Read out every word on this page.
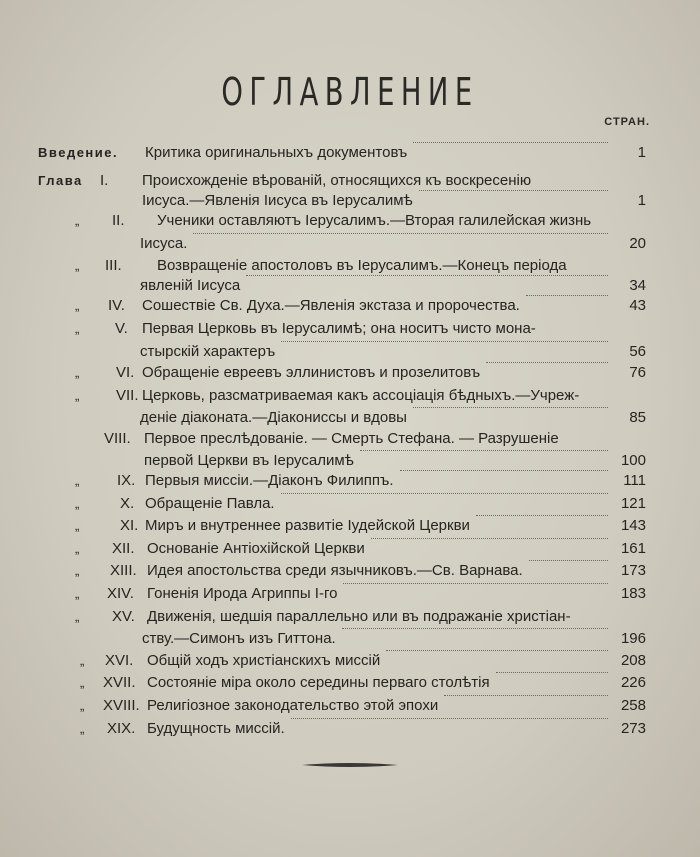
ОГЛАВЛЕНИЕ
СТРАН.
Введение. Критика оригинальныхъ документовъ	1
Глава I. Происхожденіе вѣрованій, относящихся къ воскресенію
Іисуса.—Явленія Іисуса въ Іерусалимѣ	1
„ II. Ученики оставляютъ Іерусалимъ.—Вторая галилейская жизнь
Іисуса.	20
„ III. Возвращеніе апостоловъ въ Іерусалимъ.—Конецъ періода
явленій Іисуса	34
„ IV. Сошествіе Св. Духа.—Явленія экстаза и пророчества.	43
„ V. Первая Церковь въ Іерусалимѣ; она носитъ чисто мона-
стырскій характеръ	56
„ VI. Обращеніе евреевъ эллинистовъ и прозелитовъ	76
„ VII. Церковь, разсматриваемая какъ ассоціація бѣдныхъ.—Учреж-
деніе діаконата.—Діакониссы и вдовы	85
VIII. Первое преслѣдованіе. — Смерть Стефана. — Разрушеніе
первой Церкви въ Іерусалимѣ	100
„	IX. Первыя миссіи.—Діаконъ Филиппъ.	111
„	X. Обращеніе Павла.	121
„	XI. Миръ и внутреннее развитіе Іудейской Церкви	143
„ XII. Основаніе Антіохійской Церкви	161
„ XIII. Идея апостольства среди язычниковъ.—Св. Варнава.	173
„ XIV. Гоненія Ирода Агриппы І-го	183
„ XV. Движенія, шедшія параллельно или въ подражаніе христіан-
ству.—Симонъ изъ Гиттона.	196
„ XVI. Общій ходъ христіанскихъ миссій	208
„ XVII. Состояніе міра около середины перваго столѣтія	226
„ XVIII. Религіозное законодательство этой эпохи	258
„ XIX. Будущность миссій.	273
